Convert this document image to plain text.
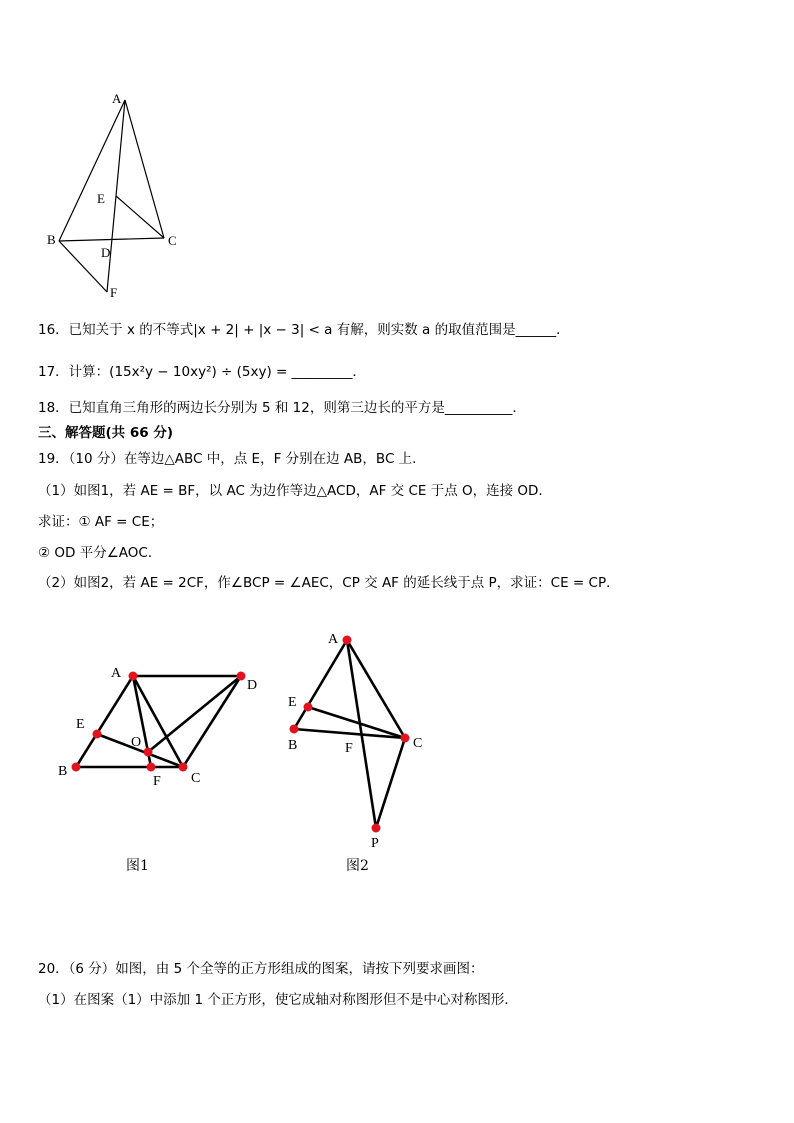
A
E
B
D
C
F
16．已知关于 x 的不等式|x + 2| + |x − 3| < a 有解，则实数 a 的取值范围是______．
17．计算：(15x²y − 10xy²) ÷ (5xy) = _________．
18．已知直角三角形的两边长分别为 5 和 12，则第三边长的平方是__________．
三、解答题(共 66 分)
19．（10 分）在等边△ABC 中，点 E，F 分别在边 AB，BC 上．
（1）如图1，若 AE = BF，以 AC 为边作等边△ACD，AF 交 CE 于点 O，连接 OD．
求证：① AF = CE；
② OD 平分∠AOC．
（2）如图2，若 AE = 2CF，作∠BCP = ∠AEC，CP 交 AF 的延长线于点 P，求证：CE = CP．
A
D
E
O
B
F C
A
E
B	F	C
P
图1	图2
20．（6 分）如图，由 5 个全等的正方形组成的图案，请按下列要求画图：
（1）在图案（1）中添加 1 个正方形，使它成轴对称图形但不是中心对称图形．
